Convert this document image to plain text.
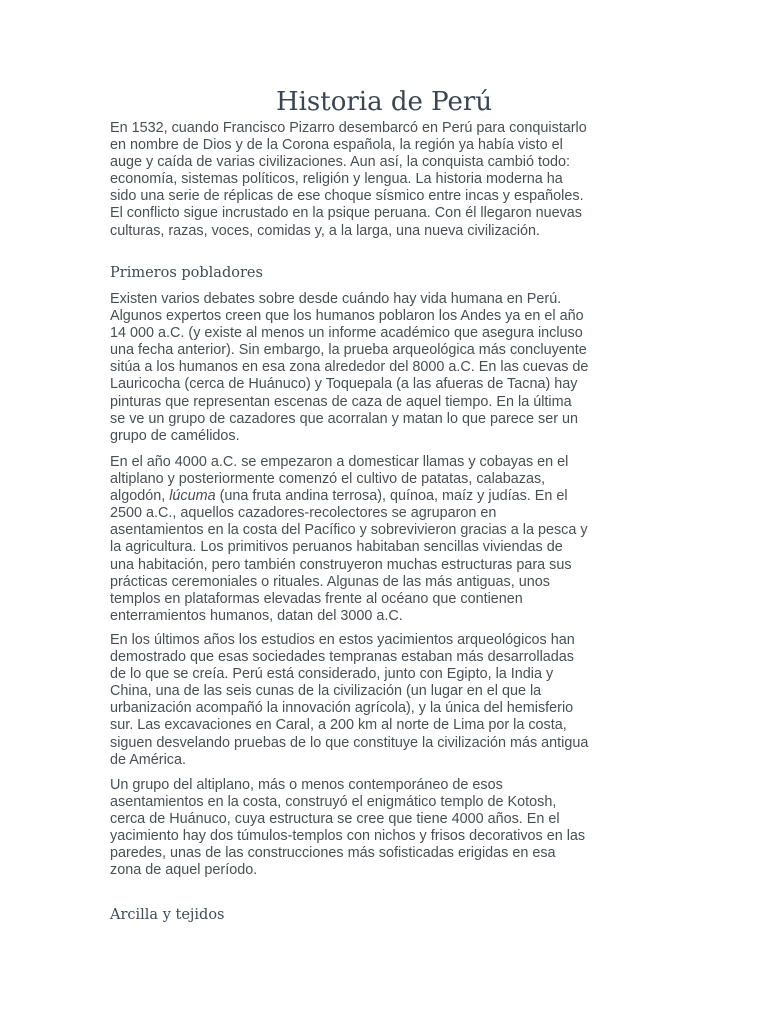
Historia de Perú

En 1532, cuando Francisco Pizarro desembarcó en Perú para conquistarlo
en nombre de Dios y de la Corona española, la región ya había visto el
auge y caída de varias civilizaciones. Aun así, la conquista cambió todo:
economía, sistemas políticos, religión y lengua. La historia moderna ha
sido una serie de réplicas de ese choque sísmico entre incas y españoles.
El conflicto sigue incrustado en la psique peruana. Con él llegaron nuevas
culturas, razas, voces, comidas y, a la larga, una nueva civilización.

Primeros pobladores

Existen varios debates sobre desde cuándo hay vida humana en Perú.
Algunos expertos creen que los humanos poblaron los Andes ya en el año
14 000 a.C. (y existe al menos un informe académico que asegura incluso
una fecha anterior). Sin embargo, la prueba arqueológica más concluyente
sitúa a los humanos en esa zona alrededor del 8000 a.C. En las cuevas de
Lauricocha (cerca de Huánuco) y Toquepala (a las afueras de Tacna) hay
pinturas que representan escenas de caza de aquel tiempo. En la última
se ve un grupo de cazadores que acorralan y matan lo que parece ser un
grupo de camélidos.

En el año 4000 a.C. se empezaron a domesticar llamas y cobayas en el
altiplano y posteriormente comenzó el cultivo de patatas, calabazas,
algodón, lúcuma (una fruta andina terrosa), quínoa, maíz y judías. En el
2500 a.C., aquellos cazadores-recolectores se agruparon en
asentamientos en la costa del Pacífico y sobrevivieron gracias a la pesca y
la agricultura. Los primitivos peruanos habitaban sencillas viviendas de
una habitación, pero también construyeron muchas estructuras para sus
prácticas ceremoniales o rituales. Algunas de las más antiguas, unos
templos en plataformas elevadas frente al océano que contienen
enterramientos humanos, datan del 3000 a.C.

En los últimos años los estudios en estos yacimientos arqueológicos han
demostrado que esas sociedades tempranas estaban más desarrolladas
de lo que se creía. Perú está considerado, junto con Egipto, la India y
China, una de las seis cunas de la civilización (un lugar en el que la
urbanización acompañó la innovación agrícola), y la única del hemisferio
sur. Las excavaciones en Caral, a 200 km al norte de Lima por la costa,
siguen desvelando pruebas de lo que constituye la civilización más antigua
de América.

Un grupo del altiplano, más o menos contemporáneo de esos
asentamientos en la costa, construyó el enigmático templo de Kotosh,
cerca de Huánuco, cuya estructura se cree que tiene 4000 años. En el
yacimiento hay dos túmulos-templos con nichos y frisos decorativos en las
paredes, unas de las construcciones más sofisticadas erigidas en esa
zona de aquel período.

Arcilla y tejidos
